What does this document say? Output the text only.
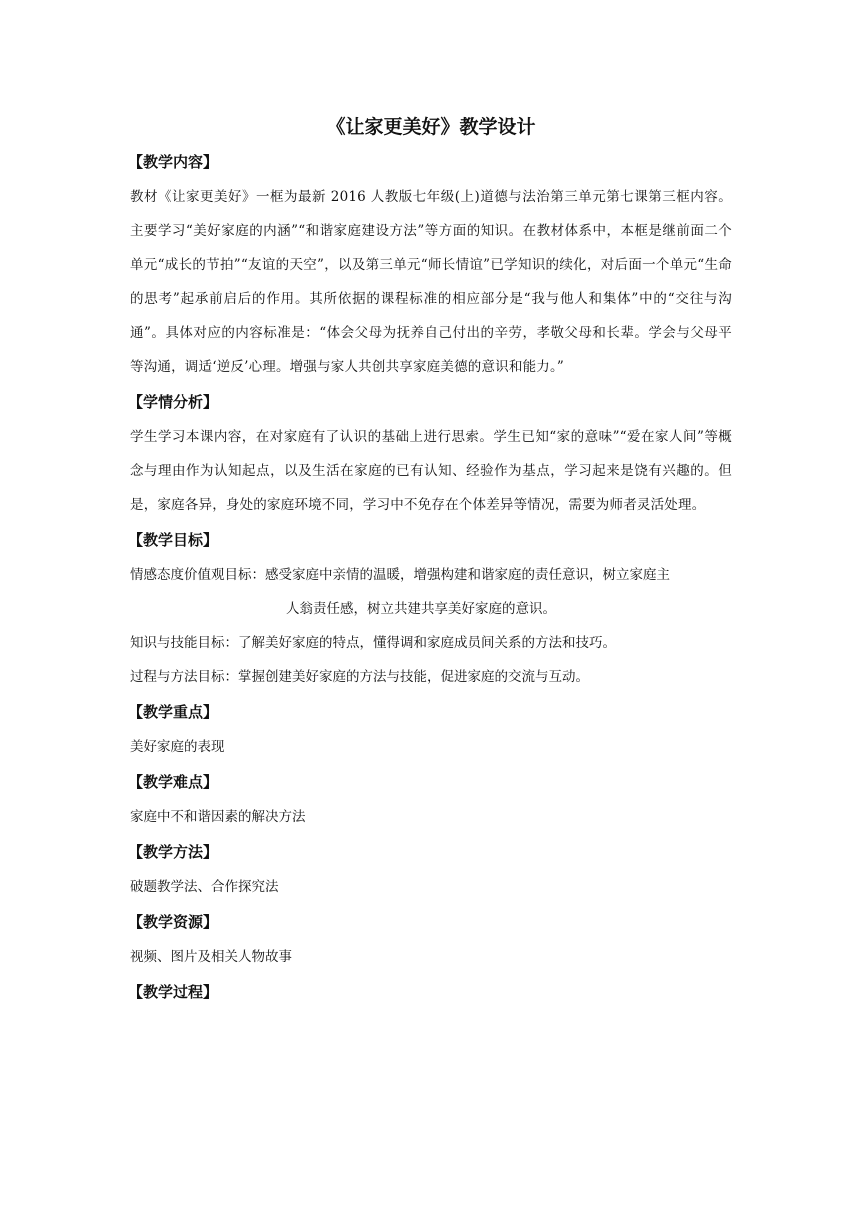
《让家更美好》教学设计
【教学内容】

教材《让家更美好》一框为最新 2016 人教版七年级(上)道德与法治第三单元第七课第三框内容。主要学习“美好家庭的内涵”“和谐家庭建设方法”等方面的知识。在教材体系中，本框是继前面二个单元“成长的节拍”“友谊的天空”，以及第三单元“师长情谊”已学知识的续化，对后面一个单元“生命的思考”起承前启后的作用。其所依据的课程标准的相应部分是“我与他人和集体”中的“交往与沟通”。具体对应的内容标准是：“体会父母为抚养自己付出的辛劳，孝敬父母和长辈。学会与父母平等沟通，调适‘逆反’心理。增强与家人共创共享家庭美德的意识和能力。”

【学情分析】

学生学习本课内容，在对家庭有了认识的基础上进行思索。学生已知“家的意味”“爱在家人间”等概念与理由作为认知起点，以及生活在家庭的已有认知、经验作为基点，学习起来是饶有兴趣的。但是，家庭各异，身处的家庭环境不同，学习中不免存在个体差异等情况，需要为师者灵活处理。

【教学目标】

情感态度价值观目标：感受家庭中亲情的温暖，增强构建和谐家庭的责任意识，树立家庭主

人翁责任感，树立共建共享美好家庭的意识。

知识与技能目标：了解美好家庭的特点，懂得调和家庭成员间关系的方法和技巧。

过程与方法目标：掌握创建美好家庭的方法与技能，促进家庭的交流与互动。

【教学重点】

美好家庭的表现

【教学难点】

家庭中不和谐因素的解决方法

【教学方法】

破题教学法、合作探究法

【教学资源】

视频、图片及相关人物故事

【教学过程】
